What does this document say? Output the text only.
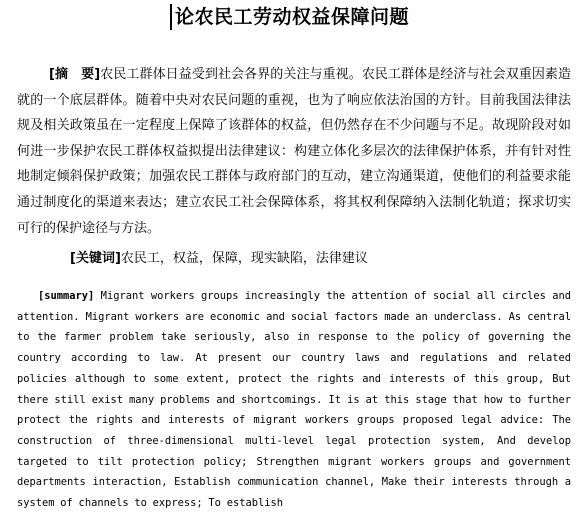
论农民工劳动权益保障问题

[摘　要]农民工群体日益受到社会各界的关注与重视。农民工群体是经济与社会双重因素造就的一个底层群体。随着中央对农民问题的重视，也为了响应依法治国的方针。目前我国法律法规及相关政策虽在一定程度上保障了该群体的权益，但仍然存在不少问题与不足。故现阶段对如何进一步保护农民工群体权益拟提出法律建议：构建立体化多层次的法律保护体系，并有针对性地制定倾斜保护政策；加强农民工群体与政府部门的互动，建立沟通渠道，使他们的利益要求能通过制度化的渠道来表达；建立农民工社会保障体系，将其权利保障纳入法制化轨道；探求切实可行的保护途径与方法。

[关键词]农民工，权益，保障，现实缺陷，法律建议

[summary] Migrant workers groups increasingly the attention of social all circles and attention. Migrant workers are economic and social factors made an underclass. As central to the farmer problem take seriously, also in response to the policy of governing the country according to law. At present our country laws and regulations and related policies although to some extent, protect the rights and interests of this group, But there still exist many problems and shortcomings. It is at this stage that how to further protect the rights and interests of migrant workers groups proposed legal advice: The construction of three-dimensional multi-level legal protection system, And develop targeted to tilt protection policy; Strengthen migrant workers groups and government departments interaction, Establish communication channel, Make their interests through a system of channels to express; To establish
